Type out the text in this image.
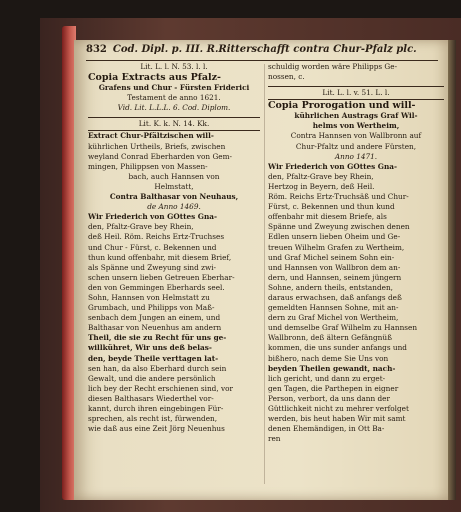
832 Cod. Dipl. p. III. R.Ritterschafft contra Chur-Pfalz plc.

Lit. L. l. N. 53. l. l.

Copia Extracts aus Pfalz-

Grafens und Chur - Fürsten Friderici

Testament de anno 1621.

Vid. Lit. L.L.L. 6. Cod. Diplom.

Lit. K. k. N. 14. Kk.

Extract Chur-Pfältzischen will-

kührlichen Urtheils, Briefs, zwischen

weyland Conrad Eberharden von Gem-

mingen, Philippsen von Massen-

bach, auch Hannsen von

Helmstatt,

Contra Balthasar von Neuhaus,

de Anno 1469.

Wir Friederich von GOttes Gna-

den, Pfaltz-Grave bey Rhein,

deß Heil. Röm. Reichs Ertz-Truchses

und Chur - Fürst, c. Bekennen und

thun kund offenbahr, mit diesem Brief,

als Spänne und Zweyung sind zwi-

schen unsern lieben Getreuen Eberhar-

den von Gemmingen Eberhards seel.

Sohn, Hannsen von Helmstatt zu

Grumbach, und Philipps von Maß-

senbach dem Jungen an einem, und

Balthasar von Neuenhus am andern

Theil, die sie zu Recht für uns ge-

willkühret, Wir uns deß belas-

den, beyde Theile verttagen lat-

sen han, da also Eberhard durch sein

Gewalt, und die andere persönlich

lich bey der Recht erschienen sind, vor

diesen Balthasars Wiederthel vor-

kannt, durch ihren eingebingen Für-

sprechen, als recht ist, fürwenden,

wie daß aus eine Zeit Jörg Neuenhus

schuldig worden wäre Philipps Ge-

nossen, c.

Lit. L. l. v. 51. L. l.

Copia Prorogation und will-

kührlichen Austrags Graf Wil-

helms von Wertheim,

Contra Hannsen von Wallbronn auf

Chur-Pfaltz und andere Fürsten,

Anno 1471.

Wir Friederich von GOttes Gna-

den, Pfaltz-Grave bey Rhein,

Hertzog in Beyern, deß Heil.

Röm. Reichs Ertz-Truchsäß und Chur-

Fürst, c. Bekennen und thun kund

offenbahr mit diesem Briefe, als

Spänne und Zweyung zwischen denen

Edlen unsern lieben Oheim und Ge-

treuen Wilhelm Grafen zu Wertheim,

und Graf Michel seinem Sohn ein-

und Hannsen von Wallbron dem an-

dern, und Hannsen, seinem jüngern

Sohne, andern theils, entstanden,

daraus erwachsen, daß anfangs deß

gemeldten Hannsen Sohne, mit an-

dern zu Graf Michel von Wertheim,

und demselbe Graf Wilhelm zu Hannsen

Wallbronn, deß ältern Gefängnüß

kommen, die uns sunder anfangs und

bißhero, nach deme Sie Uns von

beyden Theilen gewandt, nach-

lich gericht, und dann zu erget-

gen Tagen, die Parthepen in eigner

Person, verbort, da uns dann der

Güttlichkeit nicht zu mehrer verfolget

werden, bis heut haben Wir mit samt

denen Ehemändigen, in Ott Ba-

ren
